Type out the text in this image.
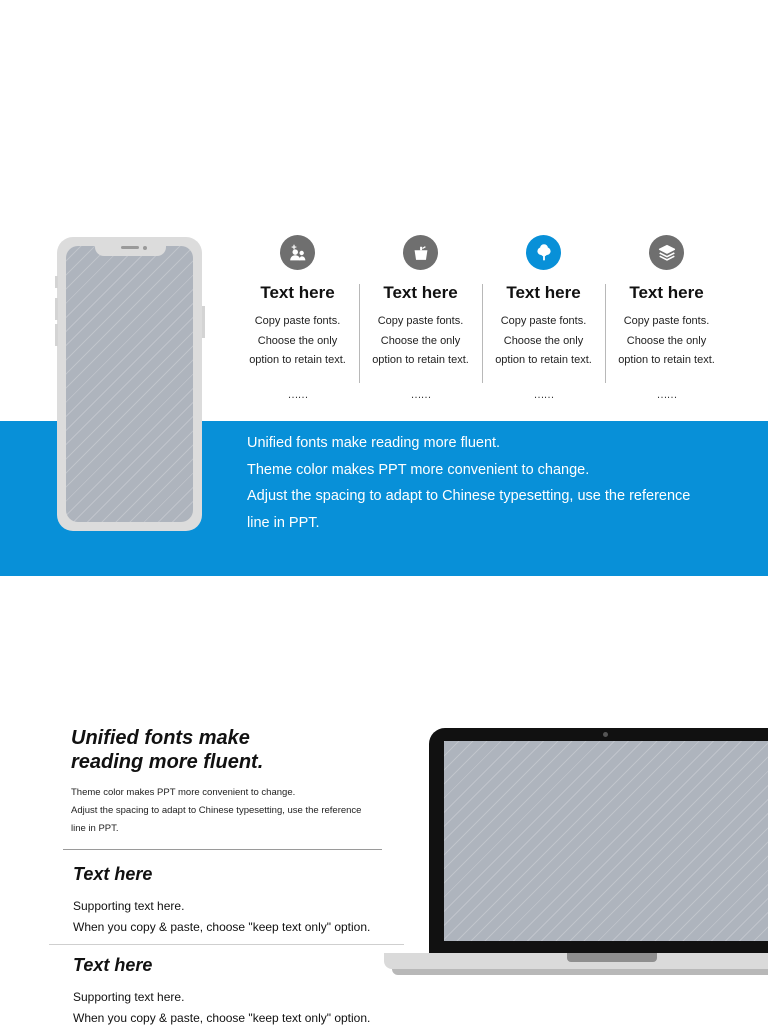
Text here
Copy paste fonts.
Choose the only
option to retain text.
……
Text here
Copy paste fonts.
Choose the only
option to retain text.
……
Text here
Copy paste fonts.
Choose the only
option to retain text.
……
Text here
Copy paste fonts.
Choose the only
option to retain text.
……
Unified fonts make reading more fluent.
Theme color makes PPT more convenient to change.
Adjust the spacing to adapt to Chinese typesetting, use the reference
line in PPT.
Unified fonts make
reading more fluent.
Theme color makes PPT more convenient to change.
Adjust the spacing to adapt to Chinese typesetting, use the reference
line in PPT.
Text here
Supporting text here.
When you copy & paste, choose "keep text only" option.
Text here
Supporting text here.
When you copy & paste, choose "keep text only" option.
